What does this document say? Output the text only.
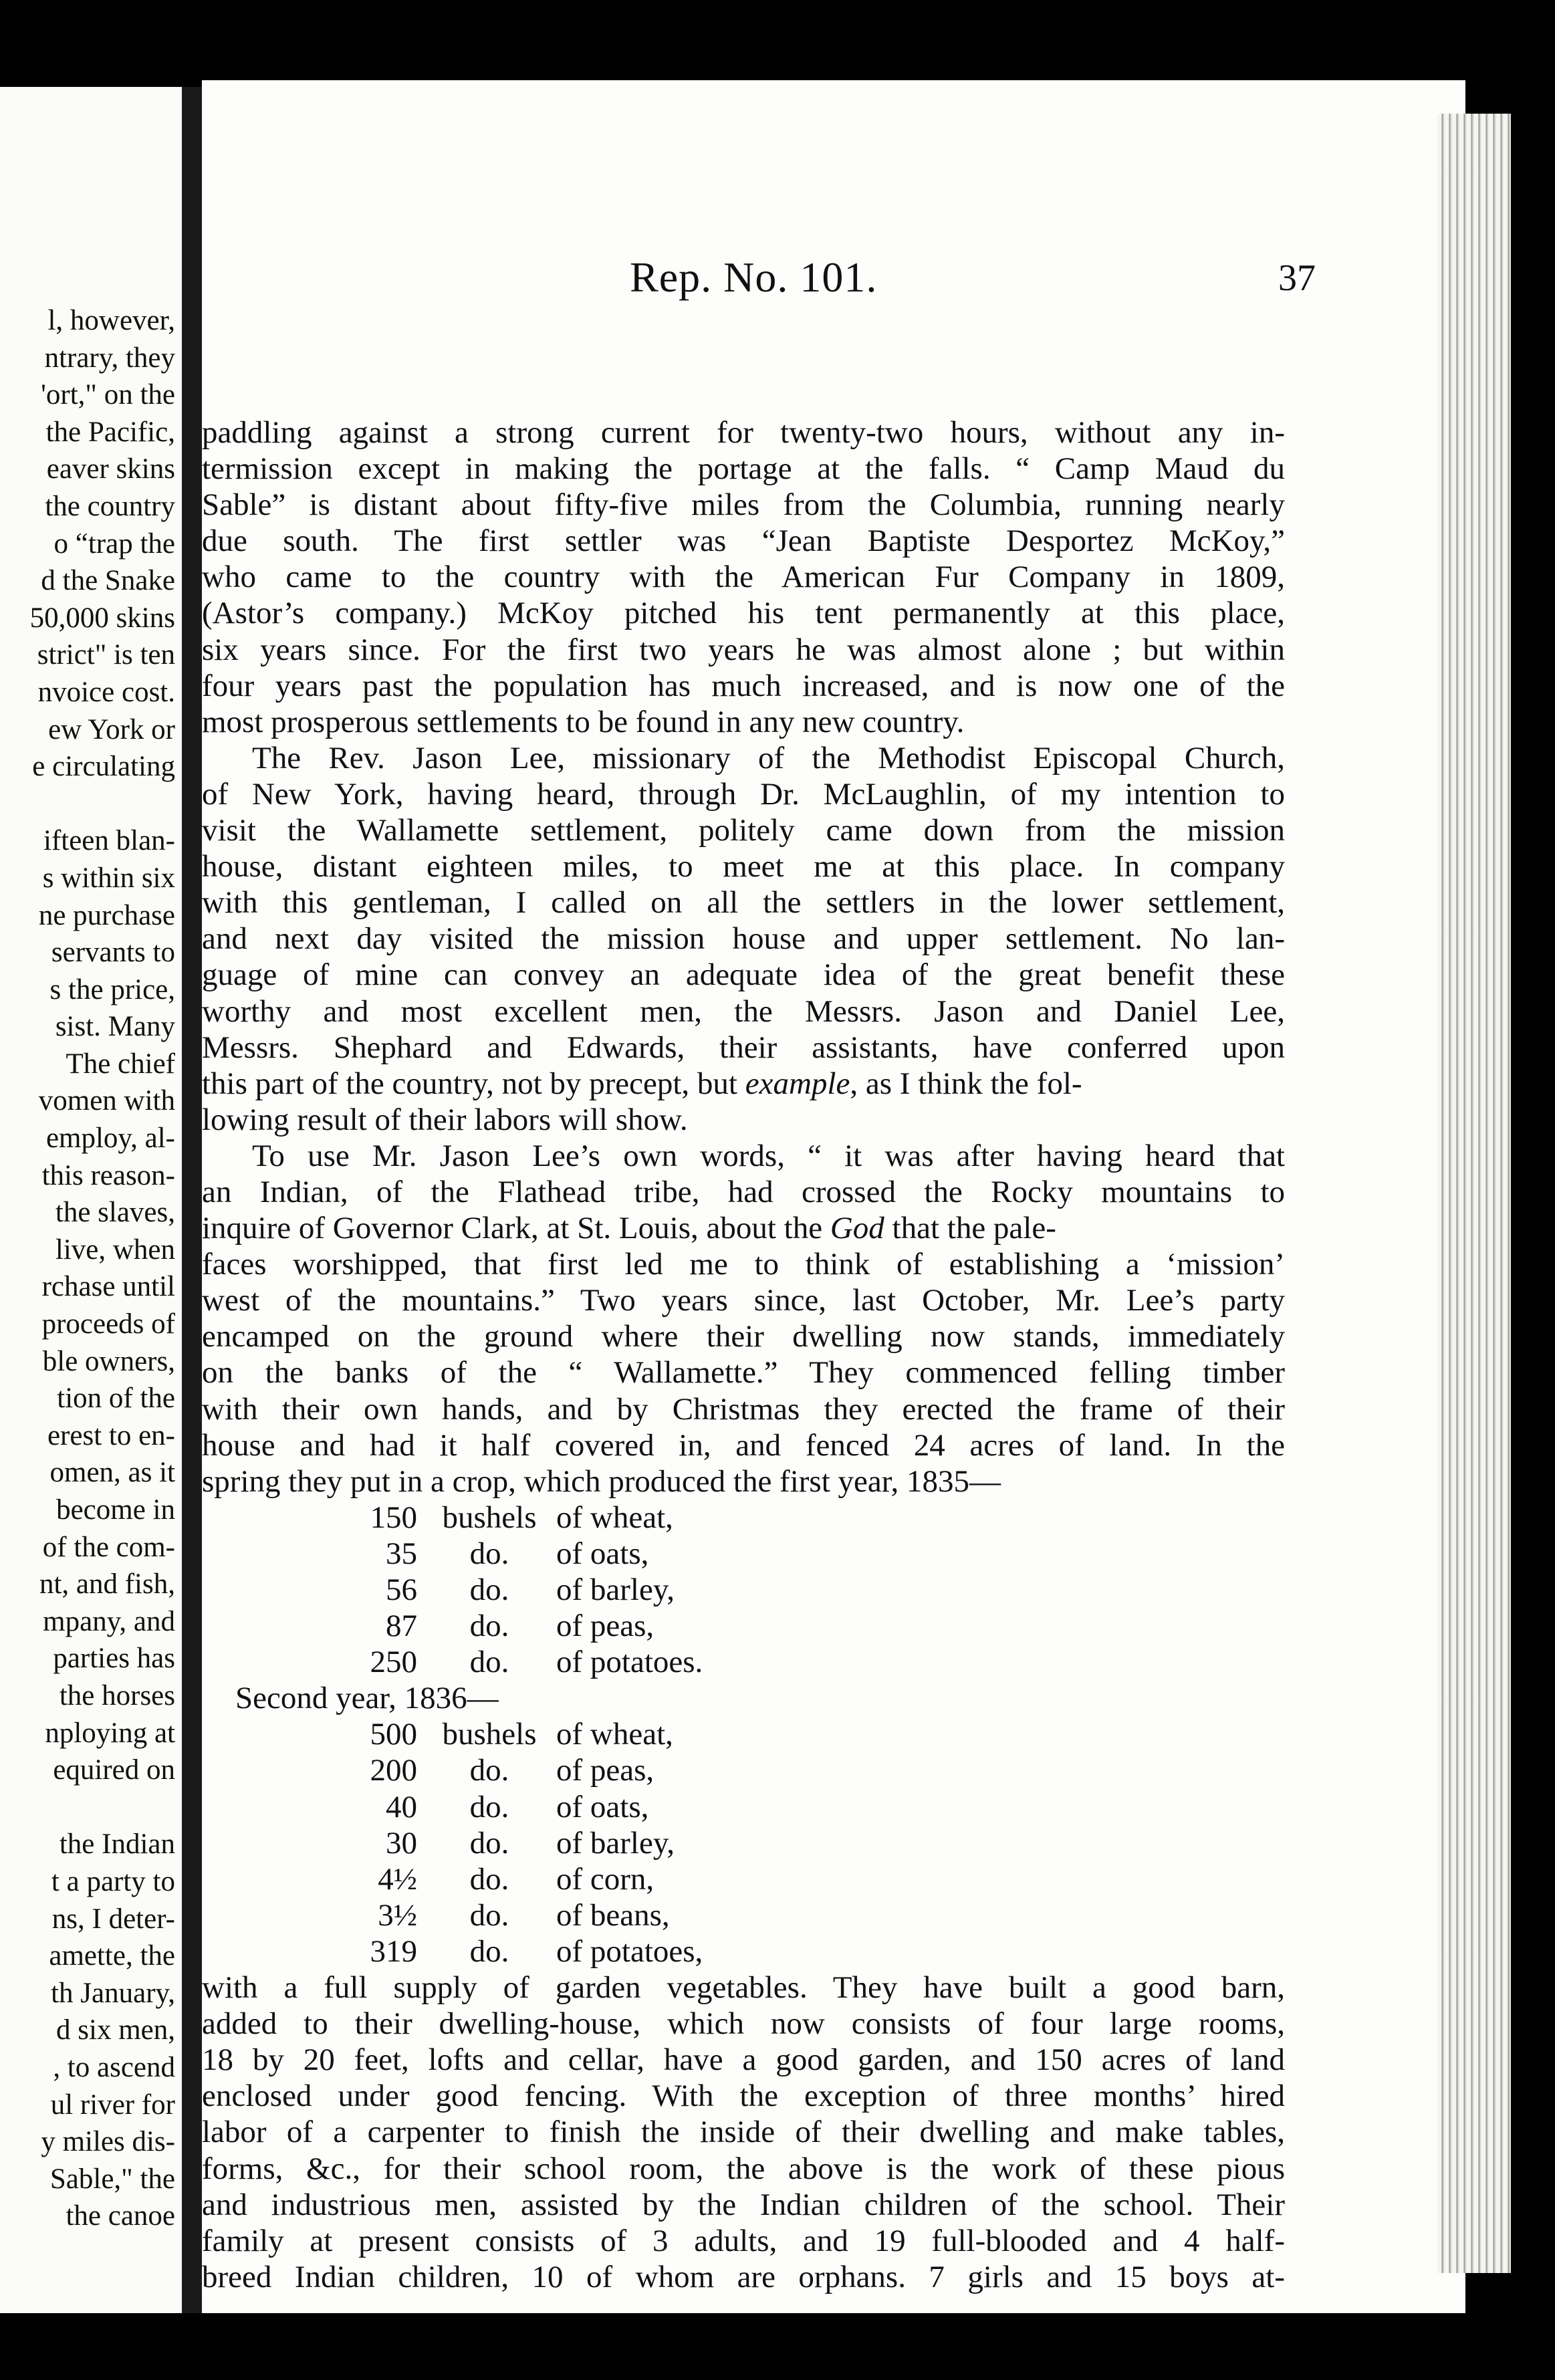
l, however,
ntrary, they
'ort," on the
the Pacific,
eaver skins
the country
o “trap the
d the Snake
50,000 skins
strict" is ten
nvoice cost.
ew York or
e circulating
ifteen blan-
s within six
ne purchase
servants to
s the price,
sist. Many
The chief
vomen with
employ, al-
this reason-
the slaves,
live, when
rchase until
proceeds of
ble owners,
tion of the
erest to en-
omen, as it
become in
of the com-
nt, and fish,
mpany, and
parties has
the horses
nploying at
equired on
the Indian
t a party to
ns, I deter-
amette, the
th January,
d six men,
, to ascend
ul river for
y miles dis-
Sable," the
the canoe
Rep. No. 101.	37
paddling against a strong current for twenty-two hours, without any in-
termission except in making the portage at the falls. “ Camp Maud du
Sable” is distant about fifty-five miles from the Columbia, running nearly
due south. The first settler was “Jean Baptiste Desportez McKoy,”
who came to the country with the American Fur Company in 1809,
(Astor’s company.) McKoy pitched his tent permanently at this place,
six years since. For the first two years he was almost alone ; but within
four years past the population has much increased, and is now one of the
most prosperous settlements to be found in any new country.
The Rev. Jason Lee, missionary of the Methodist Episcopal Church,
of New York, having heard, through Dr. McLaughlin, of my intention to
visit the Wallamette settlement, politely came down from the mission
house, distant eighteen miles, to meet me at this place. In company
with this gentleman, I called on all the settlers in the lower settlement,
and next day visited the mission house and upper settlement. No lan-
guage of mine can convey an adequate idea of the great benefit these
worthy and most excellent men, the Messrs. Jason and Daniel Lee,
Messrs. Shephard and Edwards, their assistants, have conferred upon
this part of the country, not by precept, but example, as I think the fol-
lowing result of their labors will show.
To use Mr. Jason Lee’s own words, “ it was after having heard that
an Indian, of the Flathead tribe, had crossed the Rocky mountains to
inquire of Governor Clark, at St. Louis, about the God that the pale-
faces worshipped, that first led me to think of establishing a ‘mission’
west of the mountains.” Two years since, last October, Mr. Lee’s party
encamped on the ground where their dwelling now stands, immediately
on the banks of the “ Wallamette.” They commenced felling timber
with their own hands, and by Christmas they erected the frame of their
house and had it half covered in, and fenced 24 acres of land. In the
spring they put in a crop, which produced the first year, 1835—
150 bushels of wheat,
35	do.	of oats,
56	do.	of barley,
87	do.	of peas,
250	do.	of potatoes.
Second year, 1836—
500 bushels of wheat,
200	do.	of peas,
40	do.	of oats,
30	do.	of barley,
4½	do.	of corn,
3½	do.	of beans,
319	do.	of potatoes,
with a full supply of garden vegetables. They have built a good barn,
added to their dwelling-house, which now consists of four large rooms,
18 by 20 feet, lofts and cellar, have a good garden, and 150 acres of land
enclosed under good fencing. With the exception of three months’ hired
labor of a carpenter to finish the inside of their dwelling and make tables,
forms, &c., for their school room, the above is the work of these pious
and industrious men, assisted by the Indian children of the school. Their
family at present consists of 3 adults, and 19 full-blooded and 4 half-
breed Indian children, 10 of whom are orphans. 7 girls and 15 boys at-
